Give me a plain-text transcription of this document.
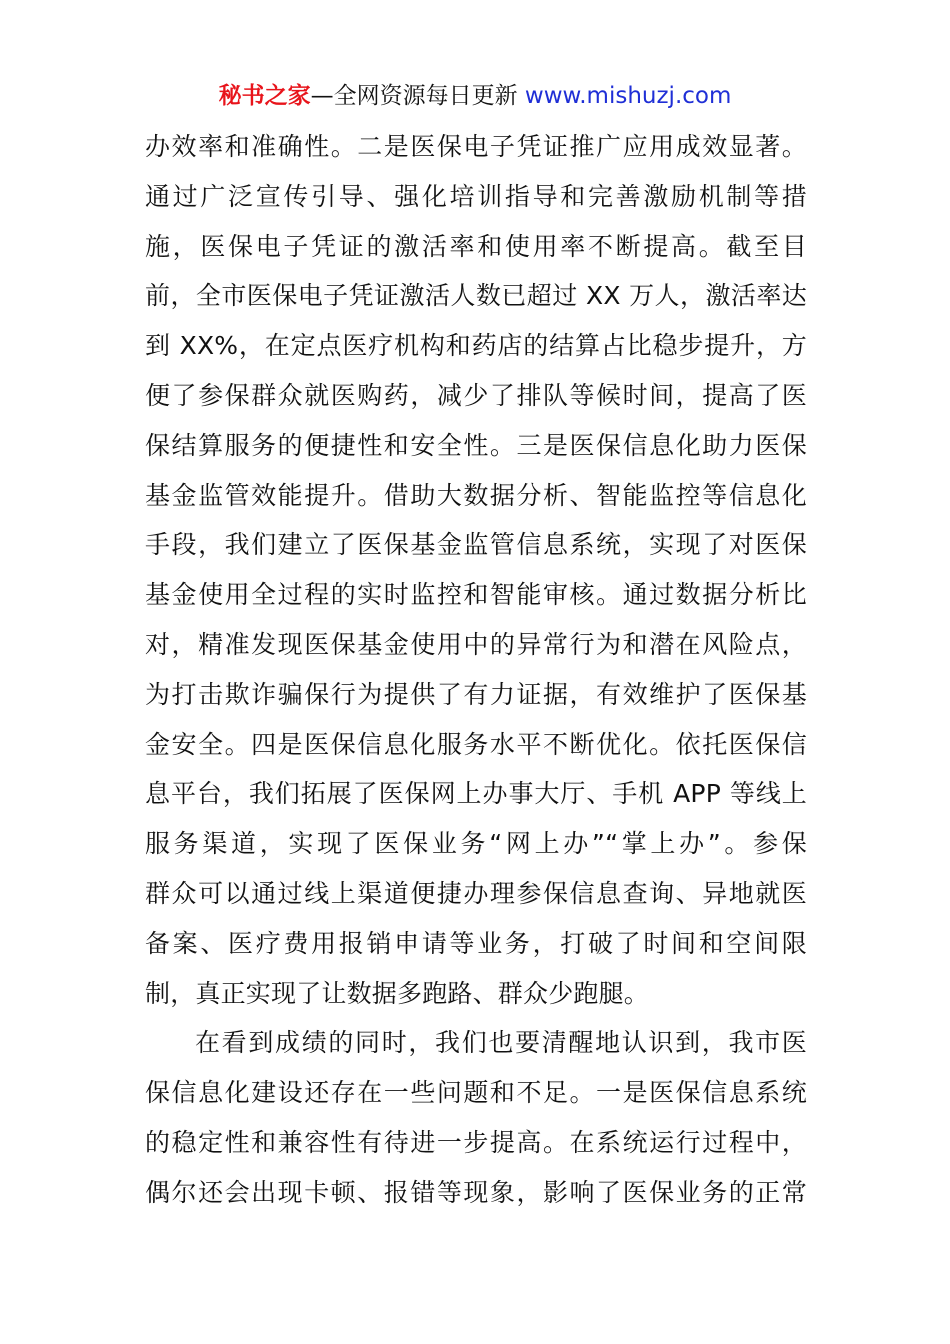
秘书之家—全网资源每日更新 www.mishuzj.com
办效率和准确性。二是医保电子凭证推广应用成效显著。
通过广泛宣传引导、强化培训指导和完善激励机制等措
施，医保电子凭证的激活率和使用率不断提高。截至目
前，全市医保电子凭证激活人数已超过 XX 万人，激活率达
到 XX%，在定点医疗机构和药店的结算占比稳步提升，方
便了参保群众就医购药，减少了排队等候时间，提高了医
保结算服务的便捷性和安全性。三是医保信息化助力医保
基金监管效能提升。借助大数据分析、智能监控等信息化
手段，我们建立了医保基金监管信息系统，实现了对医保
基金使用全过程的实时监控和智能审核。通过数据分析比
对，精准发现医保基金使用中的异常行为和潜在风险点，
为打击欺诈骗保行为提供了有力证据，有效维护了医保基
金安全。四是医保信息化服务水平不断优化。依托医保信
息平台，我们拓展了医保网上办事大厅、手机 APP 等线上
服务渠道，实现了医保业务“网上办”“掌上办”。参保
群众可以通过线上渠道便捷办理参保信息查询、异地就医
备案、医疗费用报销申请等业务，打破了时间和空间限
制，真正实现了让数据多跑路、群众少跑腿。
在看到成绩的同时，我们也要清醒地认识到，我市医
保信息化建设还存在一些问题和不足。一是医保信息系统
的稳定性和兼容性有待进一步提高。在系统运行过程中，
偶尔还会出现卡顿、报错等现象，影响了医保业务的正常
